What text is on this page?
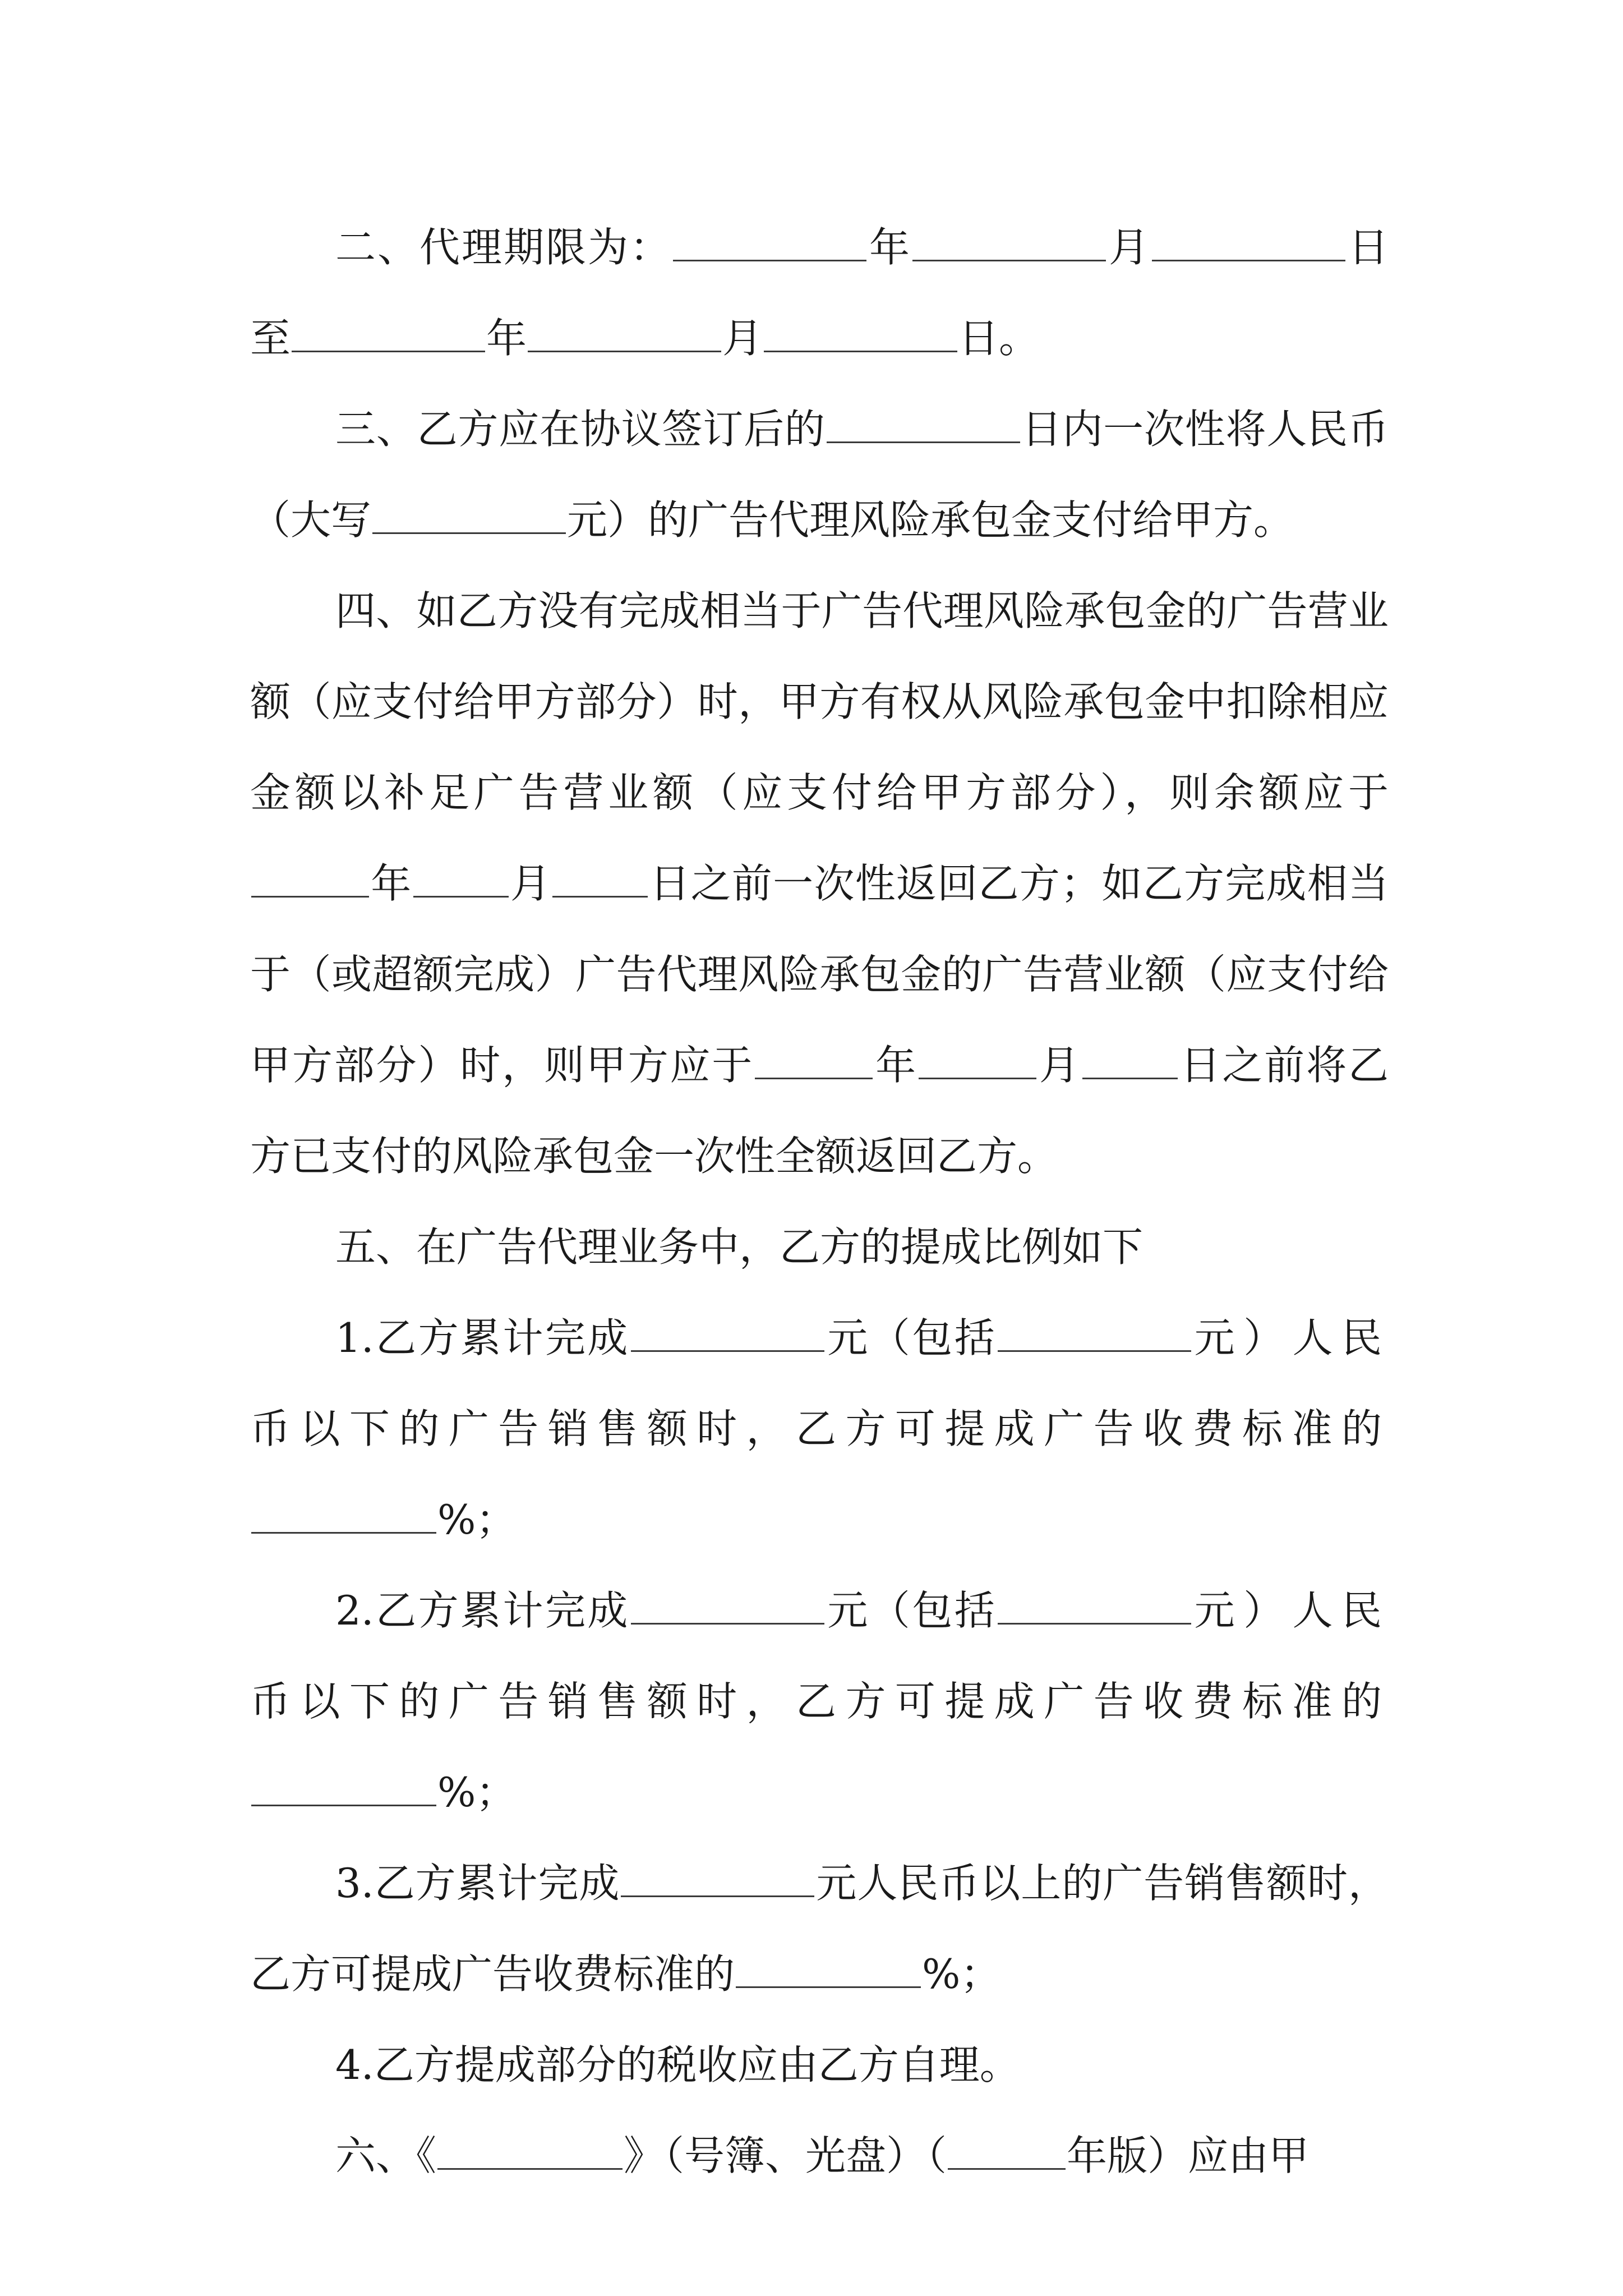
二、代理期限为：	年	月	日至	年	月	日。

三、乙方应在协议签订后的	日内一次性将人民币（大写	元）的广告代理风险承包金支付给甲方。

四、如乙方没有完成相当于广告代理风险承包金的广告营业额（应支付给甲方部分）时，甲方有权从风险承包金中扣除相应金额以补足广告营业额（应支付给甲方部分），则余额应于年 月 日之前一次性返回乙方；如乙方完成相当于（或超额完成）广告代理风险承包金的广告营业额（应支付给甲方部分）时，则甲方应于	年	月 日之前将乙方已支付的风险承包金一次性全额返回乙方。

五、在广告代理业务中，乙方的提成比例如下

1.乙方累计完成	元（包括	元）人民币以下的广告销售额时，乙方可提成广告收费标准的%；

2.乙方累计完成	元（包括	元）人民币以下的广告销售额时，乙方可提成广告收费标准的%；

3.乙方累计完成	元人民币以上的广告销售额时，乙方可提成广告收费标准的	%；

4.乙方提成部分的税收应由乙方自理。

六、《	》（号簿、光盘）（	年版）应由甲
